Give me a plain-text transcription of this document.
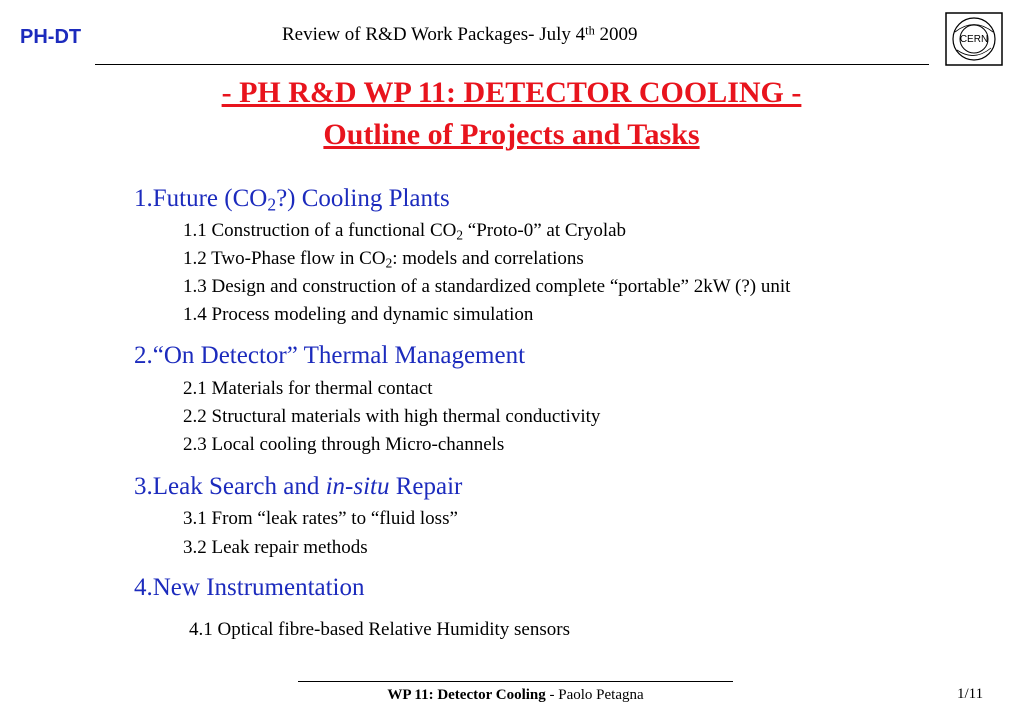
PH-DT	Review of R&D Work Packages- July 4th 2009	CERN
- PH R&D WP 11: DETECTOR COOLING -
Outline of Projects and Tasks
1.Future $(CO_2?)$ Cooling Plants
1.1 Construction of a functional $CO_2$ “Proto-0” at Cryolab
1.2 Two-Phase flow in $CO_2$: models and correlations
1.3 Design and construction of a standardized complete “portable” 2kW (?) unit
1.4 Process modeling and dynamic simulation
2.“On Detector” Thermal Management
2.1 Materials for thermal contact
2.2 Structural materials with high thermal conductivity
2.3 Local cooling through Micro-channels
3.Leak Search and in-situ Repair
3.1 From “leak rates” to “fluid loss”
3.2 Leak repair methods
4.New Instrumentation
4.1 Optical fibre-based Relative Humidity sensors
WP 11: Detector Cooling - Paolo Petagna	1/11
